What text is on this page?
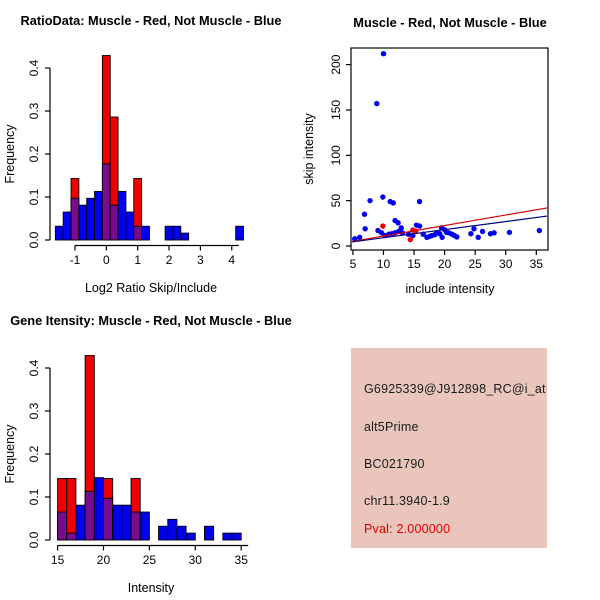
RatioData: Muscle - Red, Not Muscle - Blue
0.0
0.1
0.2
0.3
0.4
Frequency
-1 0 1 2 3 4
Log2 Ratio Skip/Include
Muscle - Red, Not Muscle - Blue
5 10 15 20 25 30 35
include intensity
0
50
100
150
200
skip intensity
Gene Itensity: Muscle - Red, Not Muscle - Blue
0.0
0.1
0.2
0.3
0.4
Frequency
15	20	25	30	35
Intensity
G6925339@J912898_RC@i_at
alt5Prime
BC021790
chr11.3940-1.9
Pval: 2.000000
